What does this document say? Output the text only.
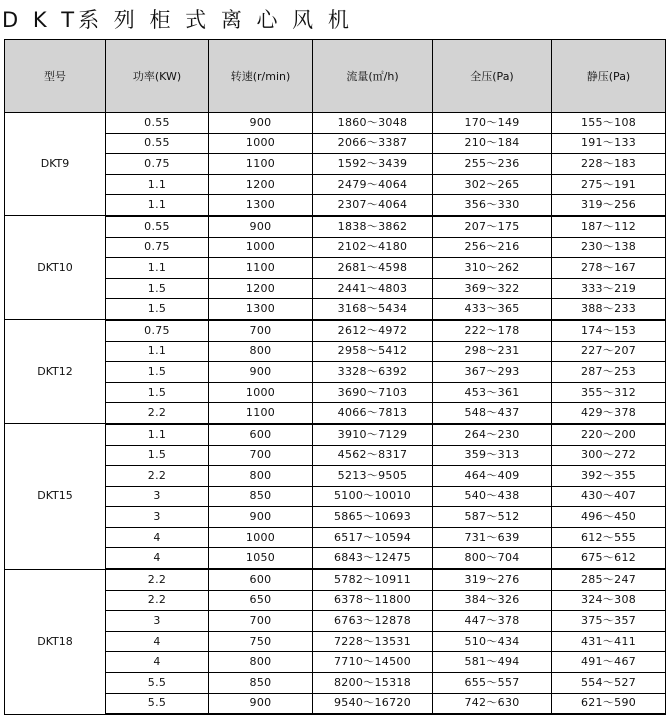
D K T系 列 柜 式 离 心 风 机
型号	功率(KW)	转速(r/min)	流量(㎡/h)	全压(Pa)	静压(Pa)
DKT9	0.55	900	1860～3048	170～149	155～108
	0.55	1000	2066～3387	210～184	191～133
	0.75	1100	1592～3439	255～236	228～183
	1.1	1200	2479～4064	302～265	275～191
	1.1	1300	2307～4064	356～330	319～256
DKT10	0.55	900	1838～3862	207～175	187～112
	0.75	1000	2102～4180	256～216	230～138
	1.1	1100	2681～4598	310～262	278～167
	1.5	1200	2441～4803	369～322	333～219
	1.5	1300	3168～5434	433～365	388～233
DKT12	0.75	700	2612～4972	222～178	174～153
	1.1	800	2958～5412	298～231	227～207
	1.5	900	3328～6392	367～293	287～253
	1.5	1000	3690～7103	453～361	355～312
	2.2	1100	4066～7813	548～437	429～378
DKT15	1.1	600	3910～7129	264～230	220～200
	1.5	700	4562～8317	359～313	300～272
	2.2	800	5213～9505	464～409	392～355
	3	850	5100～10010	540～438	430～407
	3	900	5865～10693	587～512	496～450
	4	1000	6517～10594	731～639	612～555
	4	1050	6843～12475	800～704	675～612
DKT18	2.2	600	5782～10911	319～276	285～247
	2.2	650	6378～11800	384～326	324～308
	3	700	6763～12878	447～378	375～357
	4	750	7228～13531	510～434	431～411
	4	800	7710～14500	581～494	491～467
	5.5	850	8200～15318	655～557	554～527
	5.5	900	9540～16720	742～630	621～590
